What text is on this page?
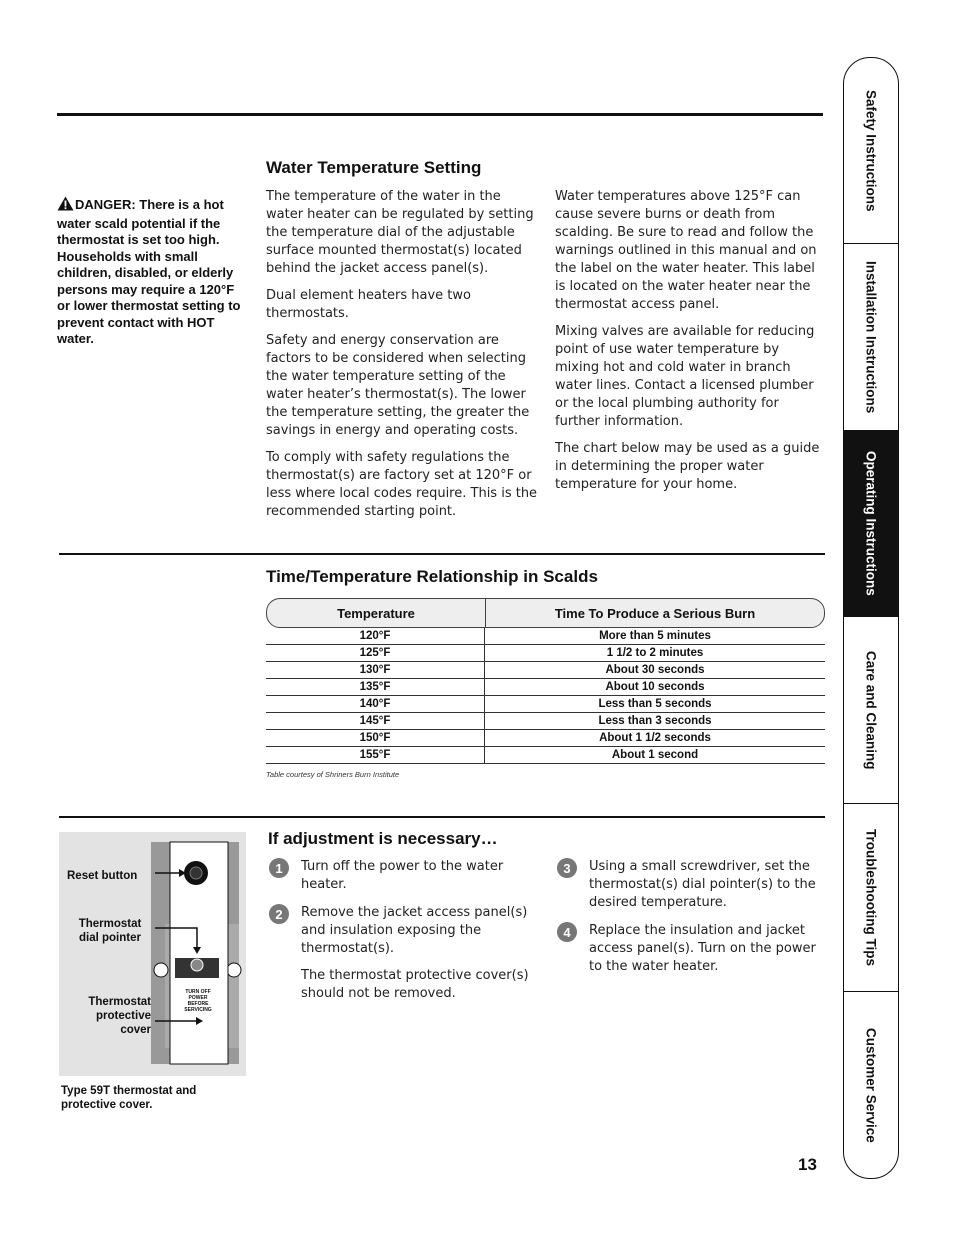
DANGER: There is a hot water scald potential if the thermostat is set too high. Households with small children, disabled, or elderly persons may require a 120°F or lower thermostat setting to prevent contact with HOT water.
Water Temperature Setting

The temperature of the water in the water heater can be regulated by setting the temperature dial of the adjustable surface mounted thermostat(s) located behind the jacket access panel(s).

Dual element heaters have two thermostats.

Safety and energy conservation are factors to be considered when selecting the water temperature setting of the water heater’s thermostat(s). The lower the temperature setting, the greater the savings in energy and operating costs.

To comply with safety regulations the thermostat(s) are factory set at 120°F or less where local codes require. This is the recommended starting point.

Water temperatures above 125°F can cause severe burns or death from scalding. Be sure to read and follow the warnings outlined in this manual and on the label on the water heater. This label is located on the water heater near the thermostat access panel.

Mixing valves are available for reducing point of use water temperature by mixing hot and cold water in branch water lines. Contact a licensed plumber or the local plumbing authority for further information.

The chart below may be used as a guide in determining the proper water temperature for your home.

Time/Temperature Relationship in Scalds
Temperature	Time To Produce a Serious Burn
120°F	More than 5 minutes
125°F	1 1/2 to 2 minutes
130°F	About 30 seconds
135°F	About 10 seconds
140°F	Less than 5 seconds
145°F	Less than 3 seconds
150°F	About 1 1/2 seconds
155°F	About 1 second
Table courtesy of Shriners Burn Institute
TURN OFF POWER BEFORE SERVICING
Reset button
Thermostat dial pointer
Thermostat protective cover
Type 59T thermostat and protective cover.
If adjustment is necessary…
1	Turn off the power to the water heater.
2	Remove the jacket access panel(s) and insulation exposing the thermostat(s).
The thermostat protective cover(s) should not be removed.
3	Using a small screwdriver, set the thermostat(s) dial pointer(s) to the desired temperature.
4	Replace the insulation and jacket access panel(s). Turn on the power to the water heater.
Safety Instructions
Installation Instructions
Operating Instructions
Care and Cleaning
Troubleshooting Tips
Customer Service
13
